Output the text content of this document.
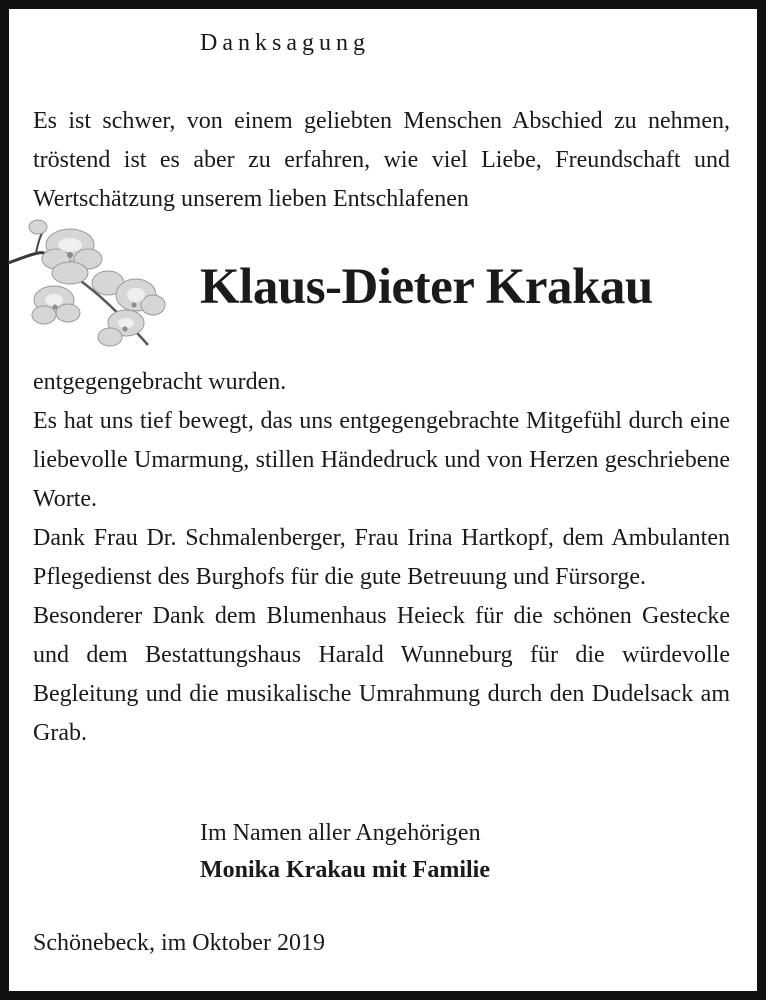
Danksagung

Es ist schwer, von einem geliebten Menschen Abschied zu nehmen, tröstend ist es aber zu erfahren, wie viel Liebe, Freundschaft und Wertschätzung unserem lieben Entschlafenen

Klaus-Dieter Krakau
entgegengebracht wurden.
Es hat uns tief bewegt, das uns entgegengebrachte Mitgefühl durch eine liebevolle Umarmung, stillen Händedruck und von Herzen geschriebene Worte.
Dank Frau Dr. Schmalenberger, Frau Irina Hartkopf, dem Ambulanten Pflegedienst des Burghofs für die gute Betreuung und Fürsorge.
Besonderer Dank dem Blumenhaus Heieck für die schönen Gestecke und dem Bestattungshaus Harald Wunneburg für die würdevolle Begleitung und die musikalische Umrahmung durch den Dudelsack am Grab.
Im Namen aller Angehörigen
Monika Krakau mit Familie
Schönebeck, im Oktober 2019
